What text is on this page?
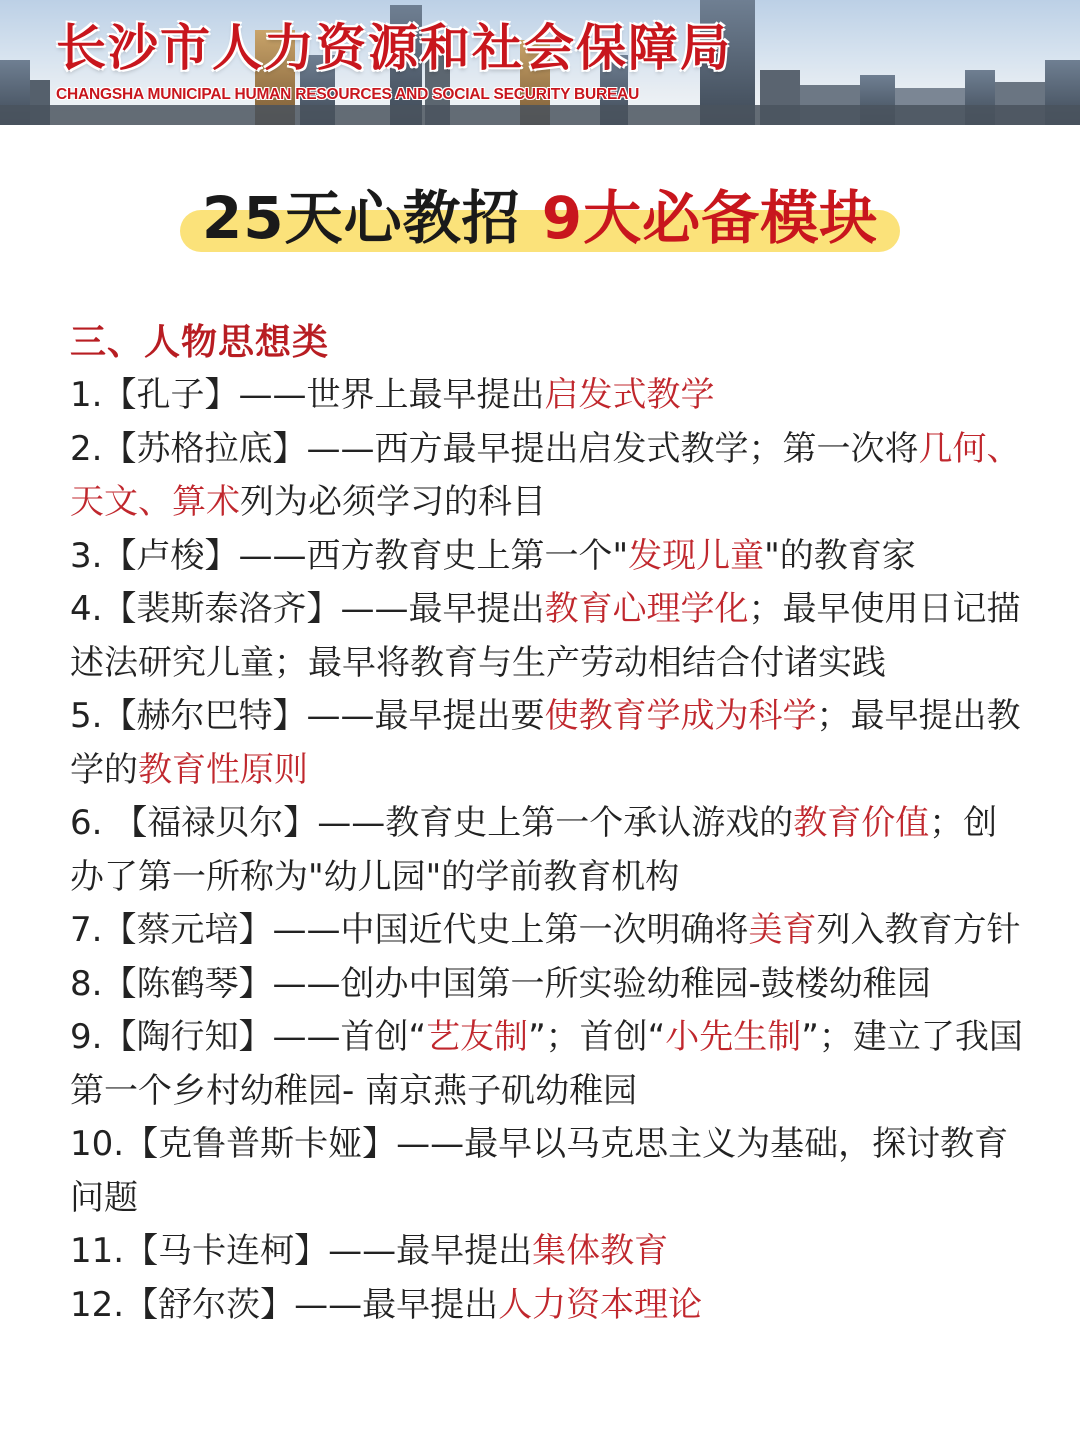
长沙市人力资源和社会保障局
CHANGSHA MUNICIPAL HUMAN RESOURCES AND SOCIAL SECURITY BUREAU
25天心教招 9大必备模块
三、人物思想类

1.【孔子】——世界上最早提出启发式教学

2.【苏格拉底】——西方最早提出启发式教学；第一次将几何、天文、算术列为必须学习的科目

3.【卢梭】——西方教育史上第一个"发现儿童"的教育家

4.【裴斯泰洛齐】——最早提出教育心理学化；最早使用日记描述法研究儿童；最早将教育与生产劳动相结合付诸实践

5.【赫尔巴特】——最早提出要使教育学成为科学；最早提出教学的教育性原则

6. 【福禄贝尔】——教育史上第一个承认游戏的教育价值；创办了第一所称为"幼儿园"的学前教育机构

7.【蔡元培】——中国近代史上第一次明确将美育列入教育方针

8.【陈鹤琴】——创办中国第一所实验幼稚园-鼓楼幼稚园

9.【陶行知】——首创“艺友制”；首创“小先生制”；建立了我国第一个乡村幼稚园- 南京燕子矶幼稚园

10.【克鲁普斯卡娅】——最早以马克思主义为基础，探讨教育问题

11.【马卡连柯】——最早提出集体教育

12.【舒尔茨】——最早提出人力资本理论
